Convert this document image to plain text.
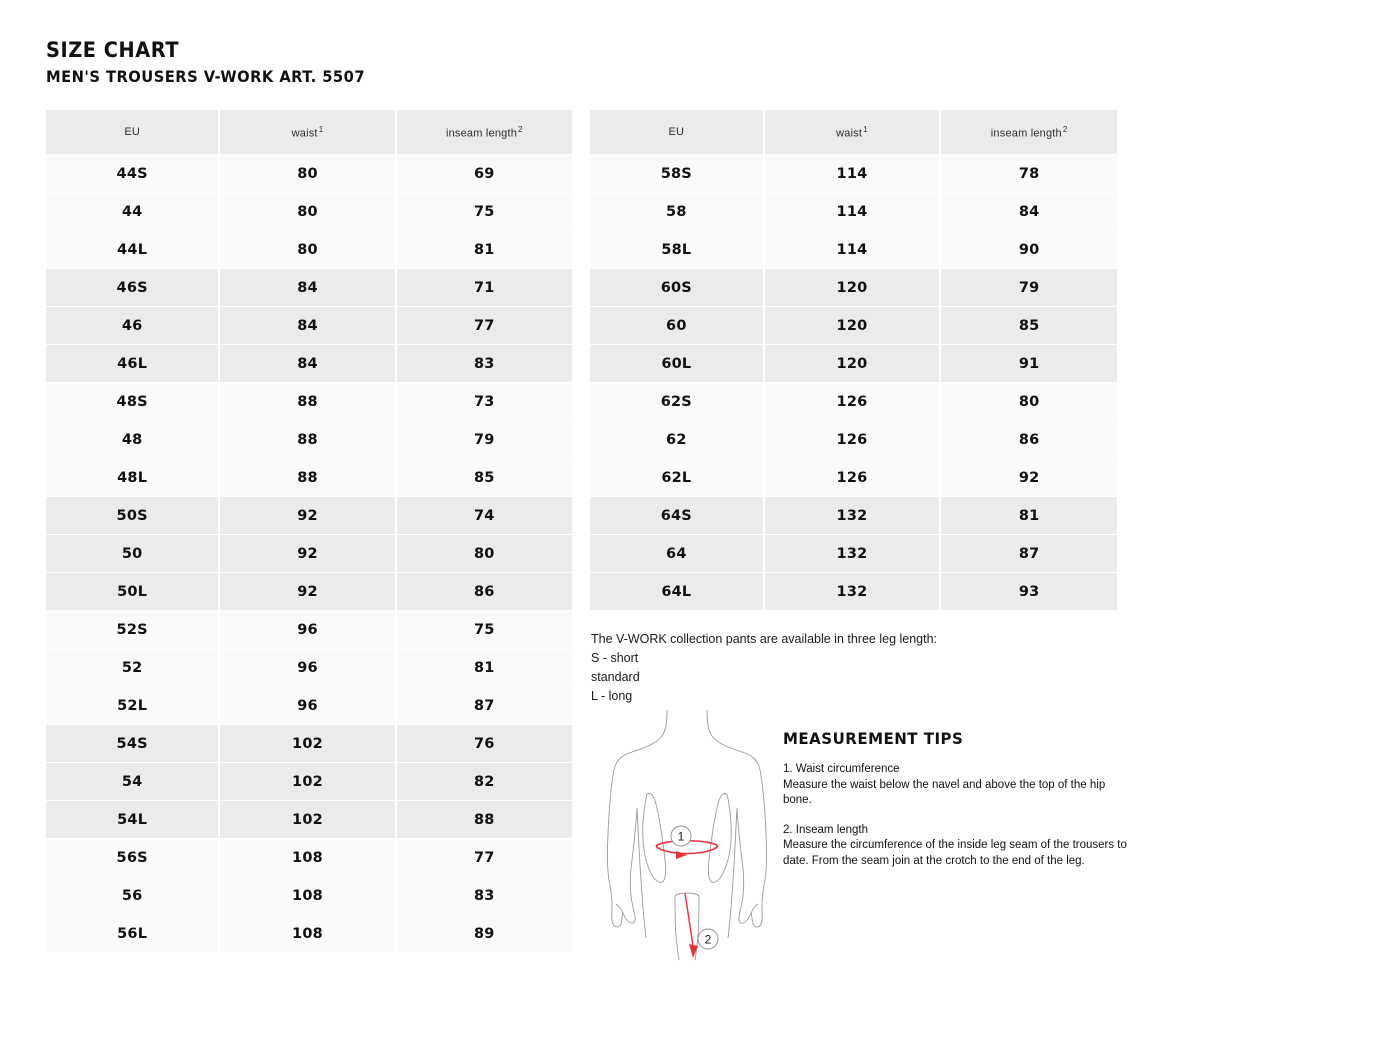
SIZE CHART
MEN'S TROUSERS V-WORK ART. 5507
EU	waist$^1$	inseam length$^2$
44S	80	69
44	80	75
44L	80	81
46S	84	71
46	84	77
46L	84	83
48S	88	73
48	88	79
48L	88	85
50S	92	74
50	92	80
50L	92	86
52S	96	75
52	96	81
52L	96	87
54S	102	76
54	102	82
54L	102	88
56S	108	77
56	108	83
56L	108	89
EU	waist$^1$	inseam length$^2$
58S	114	78
58	114	84
58L	114	90
60S	120	79
60	120	85
60L	120	91
62S	126	80
62	126	86
62L	126	92
64S	132	81
64	132	87
64L	132	93
The V-WORK collection pants are available in three leg length:
S - short
standard
L - long
1
2
MEASUREMENT TIPS

1. Waist circumference

Measure the waist below the navel and above the top of the hip bone.

2. Inseam length

Measure the circumference of the inside leg seam of the trousers to date. From the seam join at the crotch to the end of the leg.
